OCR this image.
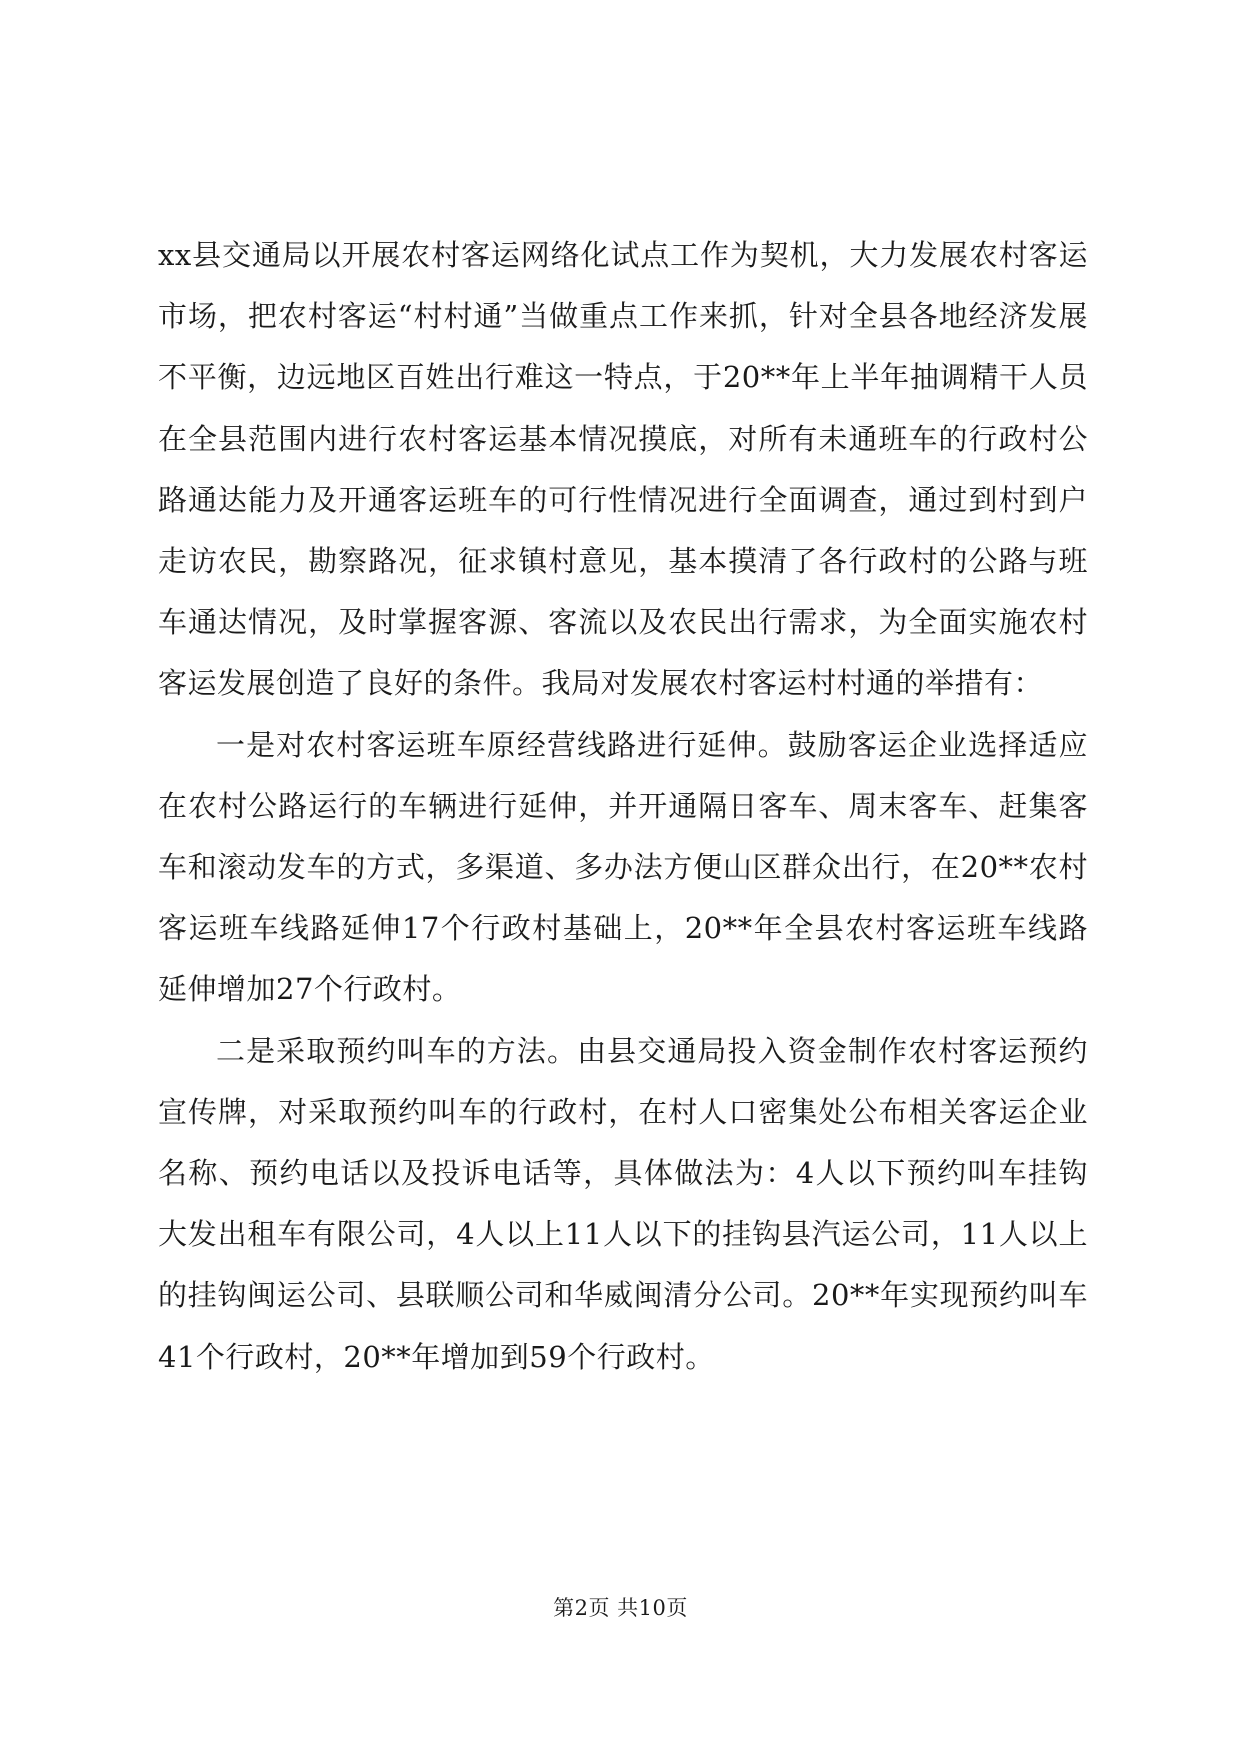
xx县交通局以开展农村客运网络化试点工作为契机，大力发展农村客运市场，把农村客运“村村通”当做重点工作来抓，针对全县各地经济发展不平衡，边远地区百姓出行难这一特点，于20**年上半年抽调精干人员在全县范围内进行农村客运基本情况摸底，对所有未通班车的行政村公路通达能力及开通客运班车的可行性情况进行全面调查，通过到村到户走访农民，勘察路况，征求镇村意见，基本摸清了各行政村的公路与班车通达情况，及时掌握客源、客流以及农民出行需求，为全面实施农村客运发展创造了良好的条件。我局对发展农村客运村村通的举措有：

一是对农村客运班车原经营线路进行延伸。鼓励客运企业选择适应在农村公路运行的车辆进行延伸，并开通隔日客车、周末客车、赶集客车和滚动发车的方式，多渠道、多办法方便山区群众出行，在20**农村客运班车线路延伸17个行政村基础上，20**年全县农村客运班车线路延伸增加27个行政村。

二是采取预约叫车的方法。由县交通局投入资金制作农村客运预约宣传牌，对采取预约叫车的行政村，在村人口密集处公布相关客运企业名称、预约电话以及投诉电话等，具体做法为：4人以下预约叫车挂钩大发出租车有限公司，4人以上11人以下的挂钩县汽运公司，11人以上的挂钩闽运公司、县联顺公司和华威闽清分公司。20**年实现预约叫车41个行政村，20**年增加到59个行政村。

第2页 共10页
